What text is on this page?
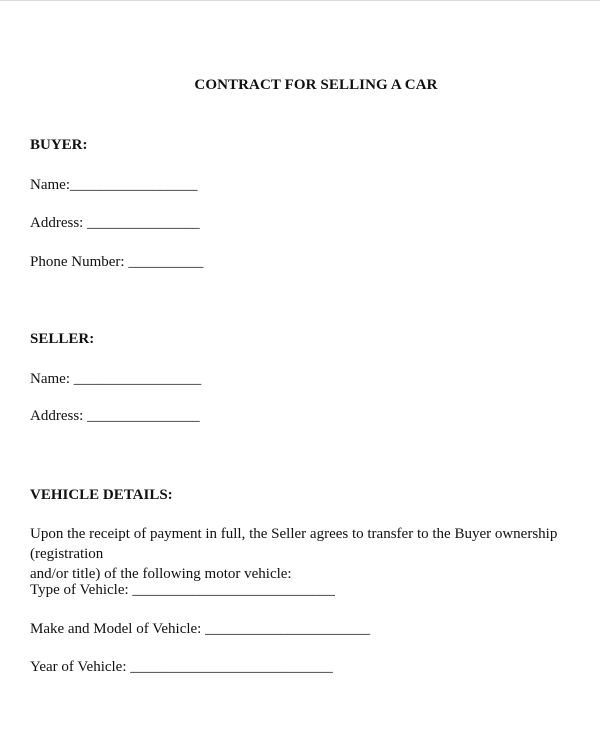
CONTRACT FOR SELLING A CAR
BUYER:
Name:_________________
Address: _______________
Phone Number: __________
SELLER:
Name: _________________
Address: _______________
VEHICLE DETAILS:
Upon the receipt of payment in full, the Seller agrees to transfer to the Buyer ownership (registration
and/or title) of the following motor vehicle:
Type of Vehicle: ___________________________
Make and Model of Vehicle: ______________________
Year of Vehicle: ___________________________
